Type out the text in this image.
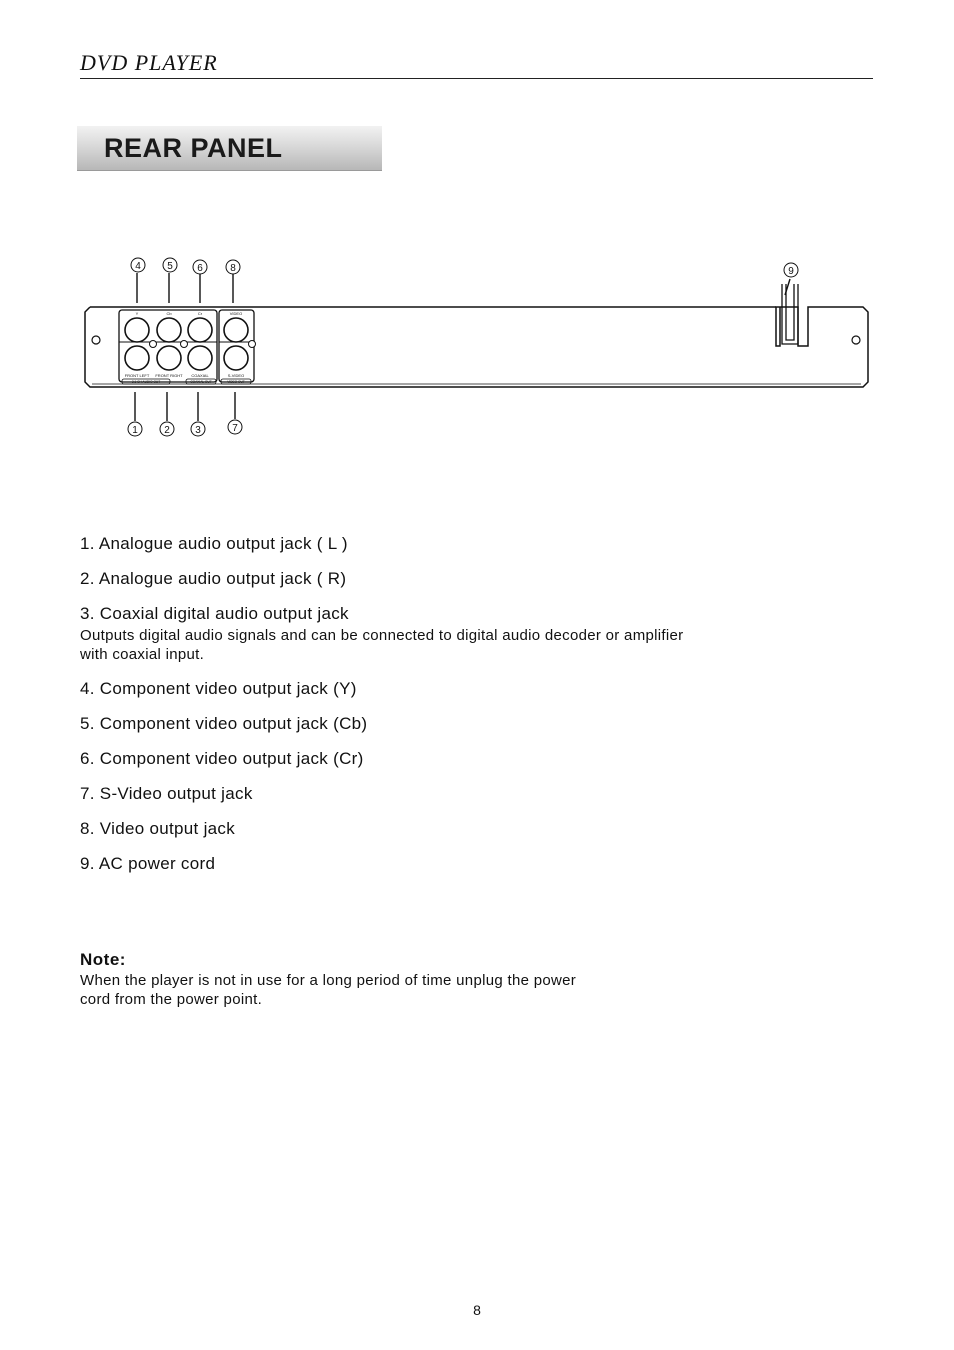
DVD PLAYER
REAR PANEL
Y	Cb	Cr	VIDEO
FRONT LEFT FRONT RIGHT COAXIAL	S-VIDEO
2.1 CH AUDIO OUT	COAXIAL OUT	VIDEO OUT
4	5 6	8	9
1	2	3	7
1. Analogue audio output jack ( L )
2. Analogue audio output jack ( R)
3. Coaxial digital audio output jack
Outputs digital audio signals and can be connected to digital audio decoder or amplifier
with coaxial input.
4. Component video output jack (Y)
5. Component video output jack (Cb)
6. Component video output jack (Cr)
7. S-Video output jack
8. Video output jack
9. AC power cord
Note:
When the player is not in use for a long period of time unplug the power
cord from the power point.
8
